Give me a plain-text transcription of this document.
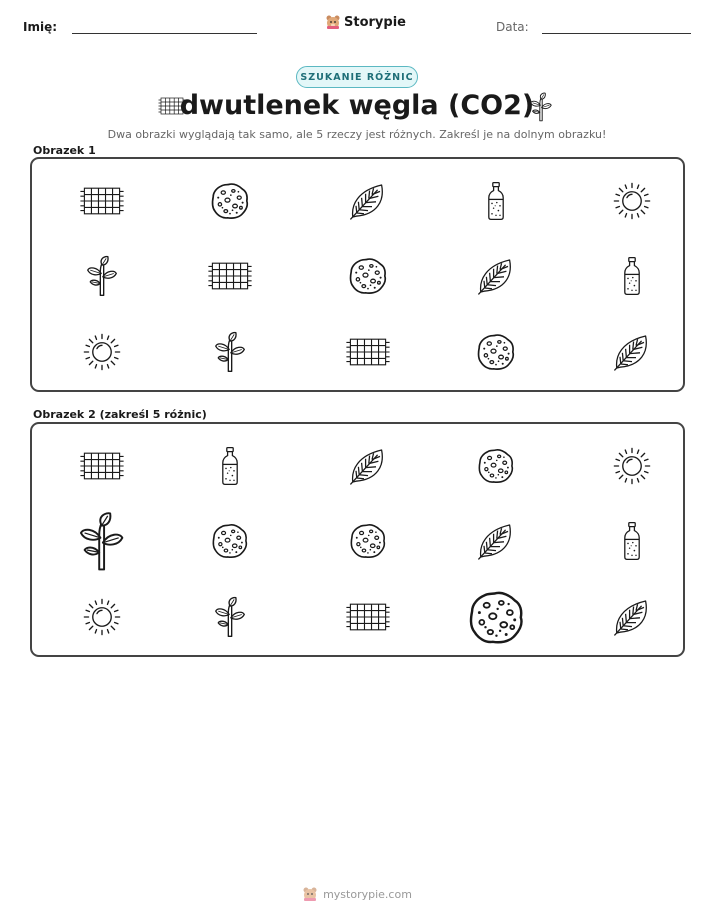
Imię:	Storypie	Data:
SZUKANIE RÓŻNIC
dwutlenek węgla (CO2)
Dwa obrazki wyglądają tak samo, ale 5 rzeczy jest różnych. Zakreśl je na dolnym obrazku!
Obrazek 1
Obrazek 2 (zakreśl 5 różnic)
mystorypie.com
